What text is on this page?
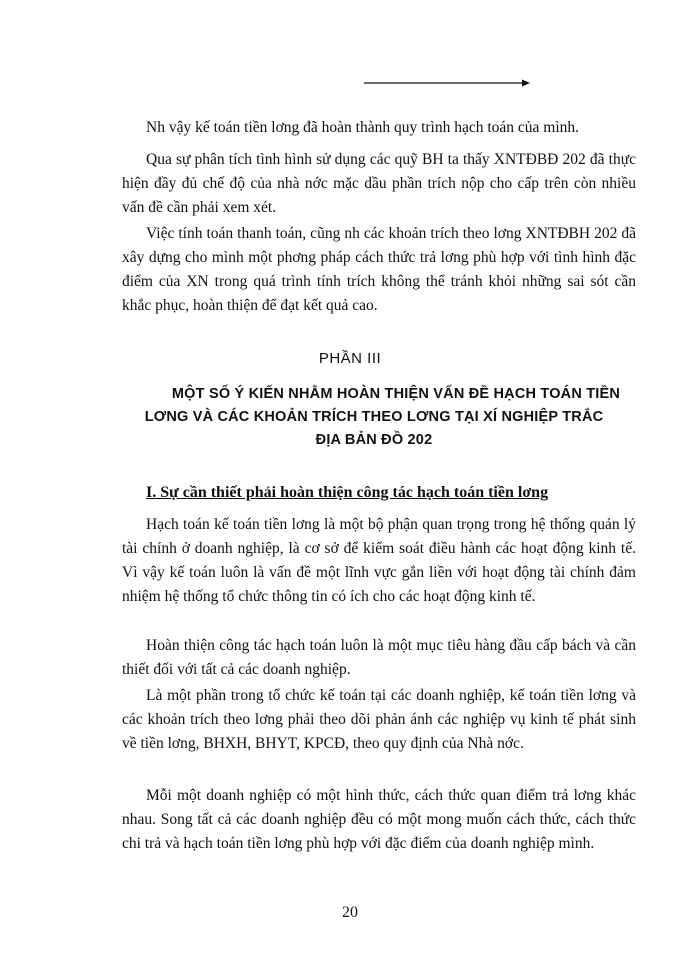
Nh vậy kế toán tiền lơng đã hoàn thành quy trình hạch toán của mình.

Qua sự phân tích tình hình sử dụng các quỹ BH ta thấy XNTĐBĐ 202 đã thực hiện đầy đủ chế độ của nhà nớc mặc dầu phần trích nộp cho cấp trên còn nhiều vấn đề cần phải xem xét.

Việc tính toán thanh toán, cũng nh các khoản trích theo lơng XNTĐBH 202 đã xây dựng cho mình một phơng pháp cách thức trả lơng phù hợp với tình hình đặc điểm của XN trong quá trình tính trích không thể tránh khỏi những sai sót cần khắc phục, hoàn thiện để đạt kết quả cao.

PHẦN III

MỘT SỐ Ý KIẾN NHẰM HOÀN THIỆN VẤN ĐỀ HẠCH TOÁN TIỀN

LƠNG VÀ CÁC KHOẢN TRÍCH THEO LƠNG TẠI XÍ NGHIỆP TRẮC

ĐỊA BẢN ĐỒ 202

I. Sự cần thiết phải hoàn thiện công tác hạch toán tiền lơng

Hạch toán kế toán tiền lơng là một bộ phận quan trọng trong hệ thống quản lý tài chính ở doanh nghiệp, là cơ sở để kiểm soát điều hành các hoạt động kinh tế. Vì vậy kế toán luôn là vấn đề một lĩnh vực gắn liền với hoạt động tài chính đảm nhiệm hệ thống tổ chức thông tin có ích cho các hoạt động kinh tế.

Hoàn thiện công tác hạch toán luôn là một mục tiêu hàng đầu cấp bách và cần thiết đối với tất cả các doanh nghiệp.

Là một phần trong tổ chức kế toán tại các doanh nghiệp, kế toán tiền lơng và các khoản trích theo lơng phải theo dõi phản ánh các nghiệp vụ kinh tế phát sinh về tiền lơng, BHXH, BHYT, KPCĐ, theo quy định của Nhà nớc.

Mỗi một doanh nghiệp có một hình thức, cách thức quan điểm trả lơng khác nhau. Song tất cả các doanh nghiệp đều có một mong muốn cách thức, cách thức chi trả và hạch toán tiền lơng phù hợp với đặc điểm của doanh nghiệp mình.

20
